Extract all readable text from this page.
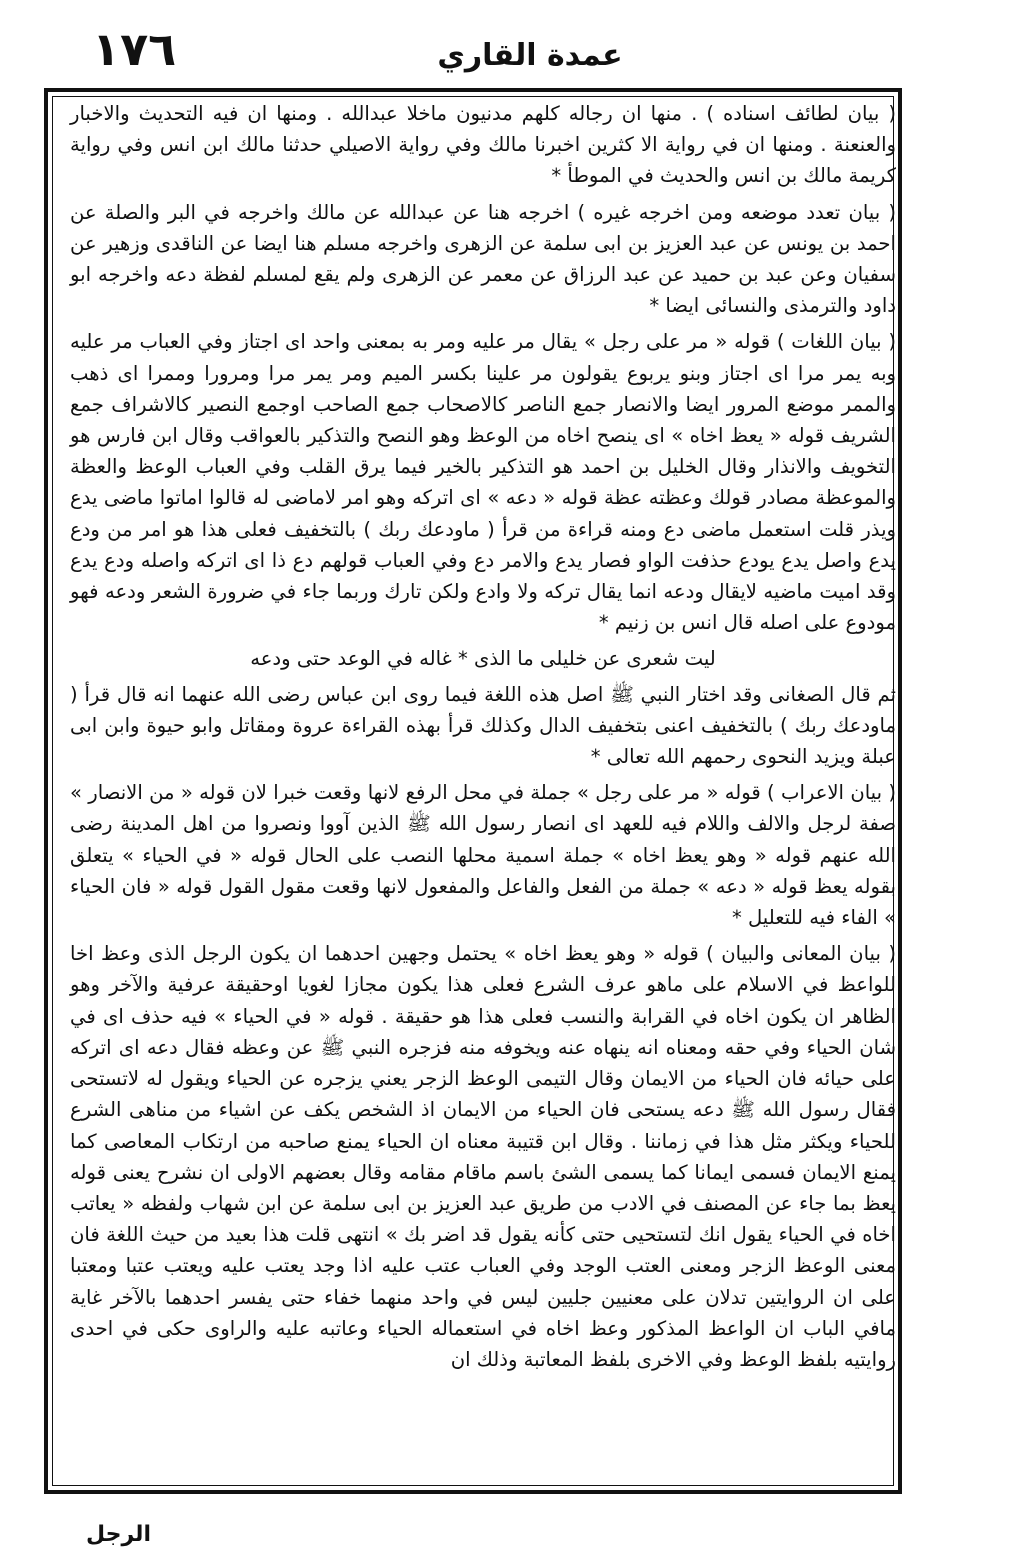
١٧٦	عمدة القاري

( بيان لطائف اسناده ) . منها ان رجاله كلهم مدنيون ماخلا عبدالله . ومنها ان فيه التحديث والاخبار والعنعنة . ومنها ان في رواية الا كثرين اخبرنا مالك وفي رواية الاصيلي حدثنا مالك ابن انس وفي رواية كريمة مالك بن انس والحديث في الموطأ *

( بيان تعدد موضعه ومن اخرجه غيره ) اخرجه هنا عن عبدالله عن مالك واخرجه في البر والصلة عن احمد بن يونس عن عبد العزيز بن ابى سلمة عن الزهرى واخرجه مسلم هنا ايضا عن الناقدى وزهير عن سفيان وعن عبد بن حميد عن عبد الرزاق عن معمر عن الزهرى ولم يقع لمسلم لفظة دعه واخرجه ابو داود والترمذى والنسائى ايضا *

( بيان اللغات ) قوله « مر على رجل » يقال مر عليه ومر به بمعنى واحد اى اجتاز وفي العباب مر عليه وبه يمر مرا اى اجتاز وبنو يربوع يقولون مر علينا بكسر الميم ومر يمر مرا ومرورا وممرا اى ذهب والممر موضع المرور ايضا والانصار جمع الناصر كالاصحاب جمع الصاحب اوجمع النصير كالاشراف جمع الشريف قوله « يعظ اخاه » اى ينصح اخاه من الوعظ وهو النصح والتذكير بالعواقب وقال ابن فارس هو التخويف والانذار وقال الخليل بن احمد هو التذكير بالخير فيما يرق القلب وفي العباب الوعظ والعظة والموعظة مصادر قولك وعظته عظة قوله « دعه » اى اتركه وهو امر لاماضى له قالوا اماتوا ماضى يدع ويذر قلت استعمل ماضى دع ومنه قراءة من قرأ ( ماودعك ربك ) بالتخفيف فعلى هذا هو امر من ودع يدع واصل يدع يودع حذفت الواو فصار يدع والامر دع وفي العباب قولهم دع ذا اى اتركه واصله ودع يدع وقد اميت ماضيه لايقال ودعه انما يقال تركه ولا وادع ولكن تارك وربما جاء في ضرورة الشعر ودعه فهو مودوع على اصله قال انس بن زنيم *

ليت شعرى عن خليلى ما الذى * غاله في الوعد حتى ودعه

ثم قال الصغانى وقد اختار النبي ﷺ اصل هذه اللغة فيما روى ابن عباس رضى الله عنهما انه قال قرأ ( ماودعك ربك ) بالتخفيف اعنى بتخفيف الدال وكذلك قرأ بهذه القراءة عروة ومقاتل وابو حيوة وابن ابى عبلة ويزيد النحوى رحمهم الله تعالى *

( بيان الاعراب ) قوله « مر على رجل » جملة في محل الرفع لانها وقعت خبرا لان قوله « من الانصار » صفة لرجل والالف واللام فيه للعهد اى انصار رسول الله ﷺ الذين آووا ونصروا من اهل المدينة رضى الله عنهم قوله « وهو يعظ اخاه » جملة اسمية محلها النصب على الحال قوله « في الحياء » يتعلق بقوله يعظ قوله « دعه » جملة من الفعل والفاعل والمفعول لانها وقعت مقول القول قوله « فان الحياء » الفاء فيه للتعليل *

( بيان المعانى والبيان ) قوله « وهو يعظ اخاه » يحتمل وجهين احدهما ان يكون الرجل الذى وعظ اخا للواعظ في الاسلام على ماهو عرف الشرع فعلى هذا يكون مجازا لغويا اوحقيقة عرفية والآخر وهو الظاهر ان يكون اخاه في القرابة والنسب فعلى هذا هو حقيقة . قوله « في الحياء » فيه حذف اى في شان الحياء وفي حقه ومعناه انه ينهاه عنه ويخوفه منه فزجره النبي ﷺ عن وعظه فقال دعه اى اتركه على حيائه فان الحياء من الايمان وقال التيمى الوعظ الزجر يعني يزجره عن الحياء ويقول له لاتستحى فقال رسول الله ﷺ دعه يستحى فان الحياء من الايمان اذ الشخص يكف عن اشياء من مناهى الشرع للحياء ويكثر مثل هذا في زماننا . وقال ابن قتيبة معناه ان الحياء يمنع صاحبه من ارتكاب المعاصى كما يمنع الايمان فسمى ايمانا كما يسمى الشئ باسم ماقام مقامه وقال بعضهم الاولى ان نشرح يعنى قوله يعظ بما جاء عن المصنف في الادب من طريق عبد العزيز بن ابى سلمة عن ابن شهاب ولفظه « يعاتب اخاه في الحياء يقول انك لتستحيى حتى كأنه يقول قد اضر بك » انتهى قلت هذا بعيد من حيث اللغة فان معنى الوعظ الزجر ومعنى العتب الوجد وفي العباب عتب عليه اذا وجد يعتب عليه ويعتب عتبا ومعتبا على ان الروايتين تدلان على معنيين جليين ليس في واحد منهما خفاء حتى يفسر احدهما بالآخر غاية مافي الباب ان الواعظ المذكور وعظ اخاه في استعماله الحياء وعاتبه عليه والراوى حكى في احدى روايتيه بلفظ الوعظ وفي الاخرى بلفظ المعاتبة وذلك ان

الرجل
